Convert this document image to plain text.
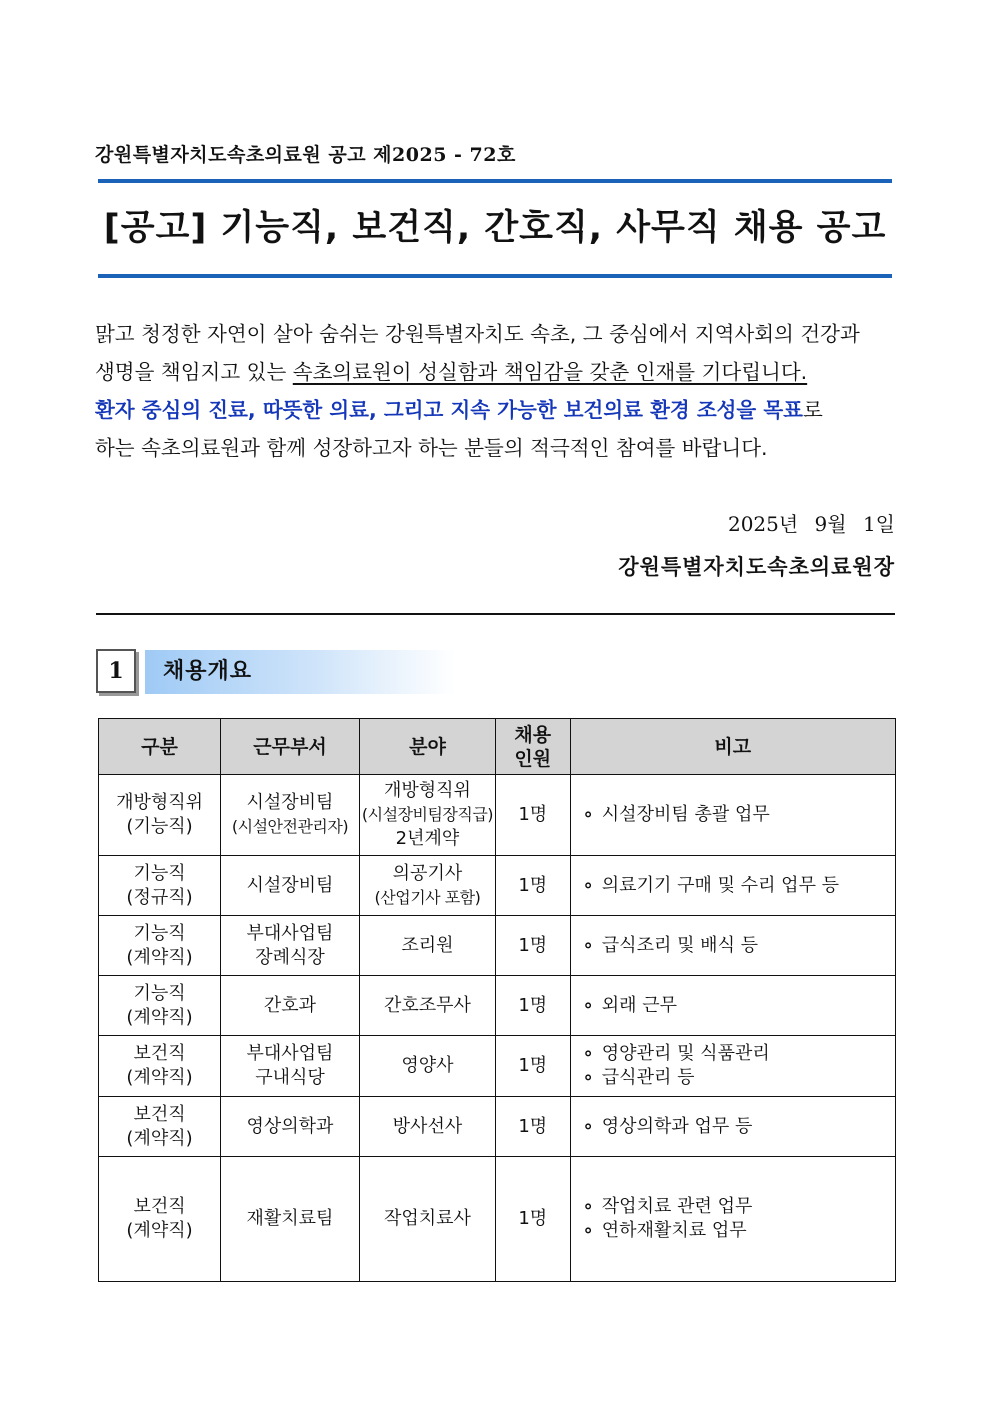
강원특별자치도속초의료원 공고 제2025 - 72호
[공고] 기능직, 보건직, 간호직, 사무직 채용 공고

맑고 청정한 자연이 살아 숨쉬는 강원특별자치도 속초, 그 중심에서 지역사회의 건강과

생명을 책임지고 있는 속초의료원이 성실함과 책임감을 갖춘 인재를 기다립니다.

환자 중심의 진료, 따뜻한 의료, 그리고 지속 가능한 보건의료 환경 조성을 목표로

하는 속초의료원과 함께 성장하고자 하는 분들의 적극적인 참여를 바랍니다.

2025년 9월 1일
강원특별자치도속초의료원장
1	채용개요
구분	근무부서	분야	채용
인원	비고

개방형직위
(기능직)	시설장비팀
(시설안전관리자)	개방형직위
(시설장비팀장직급)
2년계약	1명	∘ 시설장비팀 총괄 업무

기능직
(정규직)	시설장비팀	의공기사
(산업기사 포함)	1명	∘ 의료기기 구매 및 수리 업무 등

기능직
(계약직)	부대사업팀
장례식장	조리원	1명	∘ 급식조리 및 배식 등

기능직
(계약직)	간호과	간호조무사	1명	∘ 외래 근무

보건직
(계약직)	부대사업팀
구내식당	영양사	1명	∘ 영양관리 및 식품관리
∘ 급식관리 등

보건직
(계약직)	영상의학과	방사선사	1명	∘ 영상의학과 업무 등

보건직
(계약직)	재활치료팀	작업치료사	1명	∘ 작업치료 관련 업무
∘ 연하재활치료 업무
